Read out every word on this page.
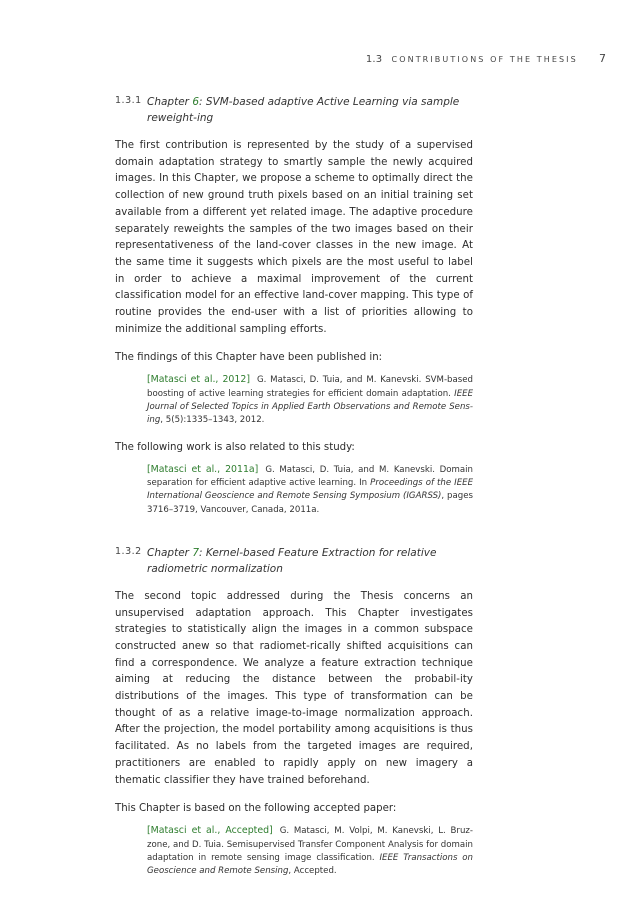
1.3 CONTRIBUTIONS OF THE THESIS 7
1.3.1 Chapter 6: SVM-based adaptive Active Learning via sample reweight-ing

The first contribution is represented by the study of a supervised domain adaptation strategy to smartly sample the newly acquired images. In this Chapter, we propose a scheme to optimally direct the collection of new ground truth pixels based on an initial training set available from a different yet related image. The adaptive procedure separately reweights the samples of the two images based on their representativeness of the land-cover classes in the new image. At the same time it suggests which pixels are the most useful to label in order to achieve a maximal improvement of the current classification model for an effective land-cover mapping. This type of routine provides the end-user with a list of priorities allowing to minimize the additional sampling efforts.

The findings of this Chapter have been published in:

[Matasci et al., 2012] G. Matasci, D. Tuia, and M. Kanevski. SVM-based boosting of active learning strategies for efficient domain adaptation. IEEE Journal of Selected Topics in Applied Earth Observations and Remote Sens-ing, 5(5):1335–1343, 2012.

The following work is also related to this study:

[Matasci et al., 2011a] G. Matasci, D. Tuia, and M. Kanevski. Domain separation for efficient adaptive active learning. In Proceedings of the IEEE International Geoscience and Remote Sensing Symposium (IGARSS), pages 3716–3719, Vancouver, Canada, 2011a.
1.3.2 Chapter 7: Kernel-based Feature Extraction for relative radiometric normalization

The second topic addressed during the Thesis concerns an unsupervised adaptation approach. This Chapter investigates strategies to statistically align the images in a common subspace constructed anew so that radiomet-rically shifted acquisitions can find a correspondence. We analyze a feature extraction technique aiming at reducing the distance between the probabil-ity distributions of the images. This type of transformation can be thought of as a relative image-to-image normalization approach. After the projection, the model portability among acquisitions is thus facilitated. As no labels from the targeted images are required, practitioners are enabled to rapidly apply on new imagery a thematic classifier they have trained beforehand.

This Chapter is based on the following accepted paper:

[Matasci et al., Accepted] G. Matasci, M. Volpi, M. Kanevski, L. Bruz-zone, and D. Tuia. Semisupervised Transfer Component Analysis for domain adaptation in remote sensing image classification. IEEE Transactions on Geoscience and Remote Sensing, Accepted.
